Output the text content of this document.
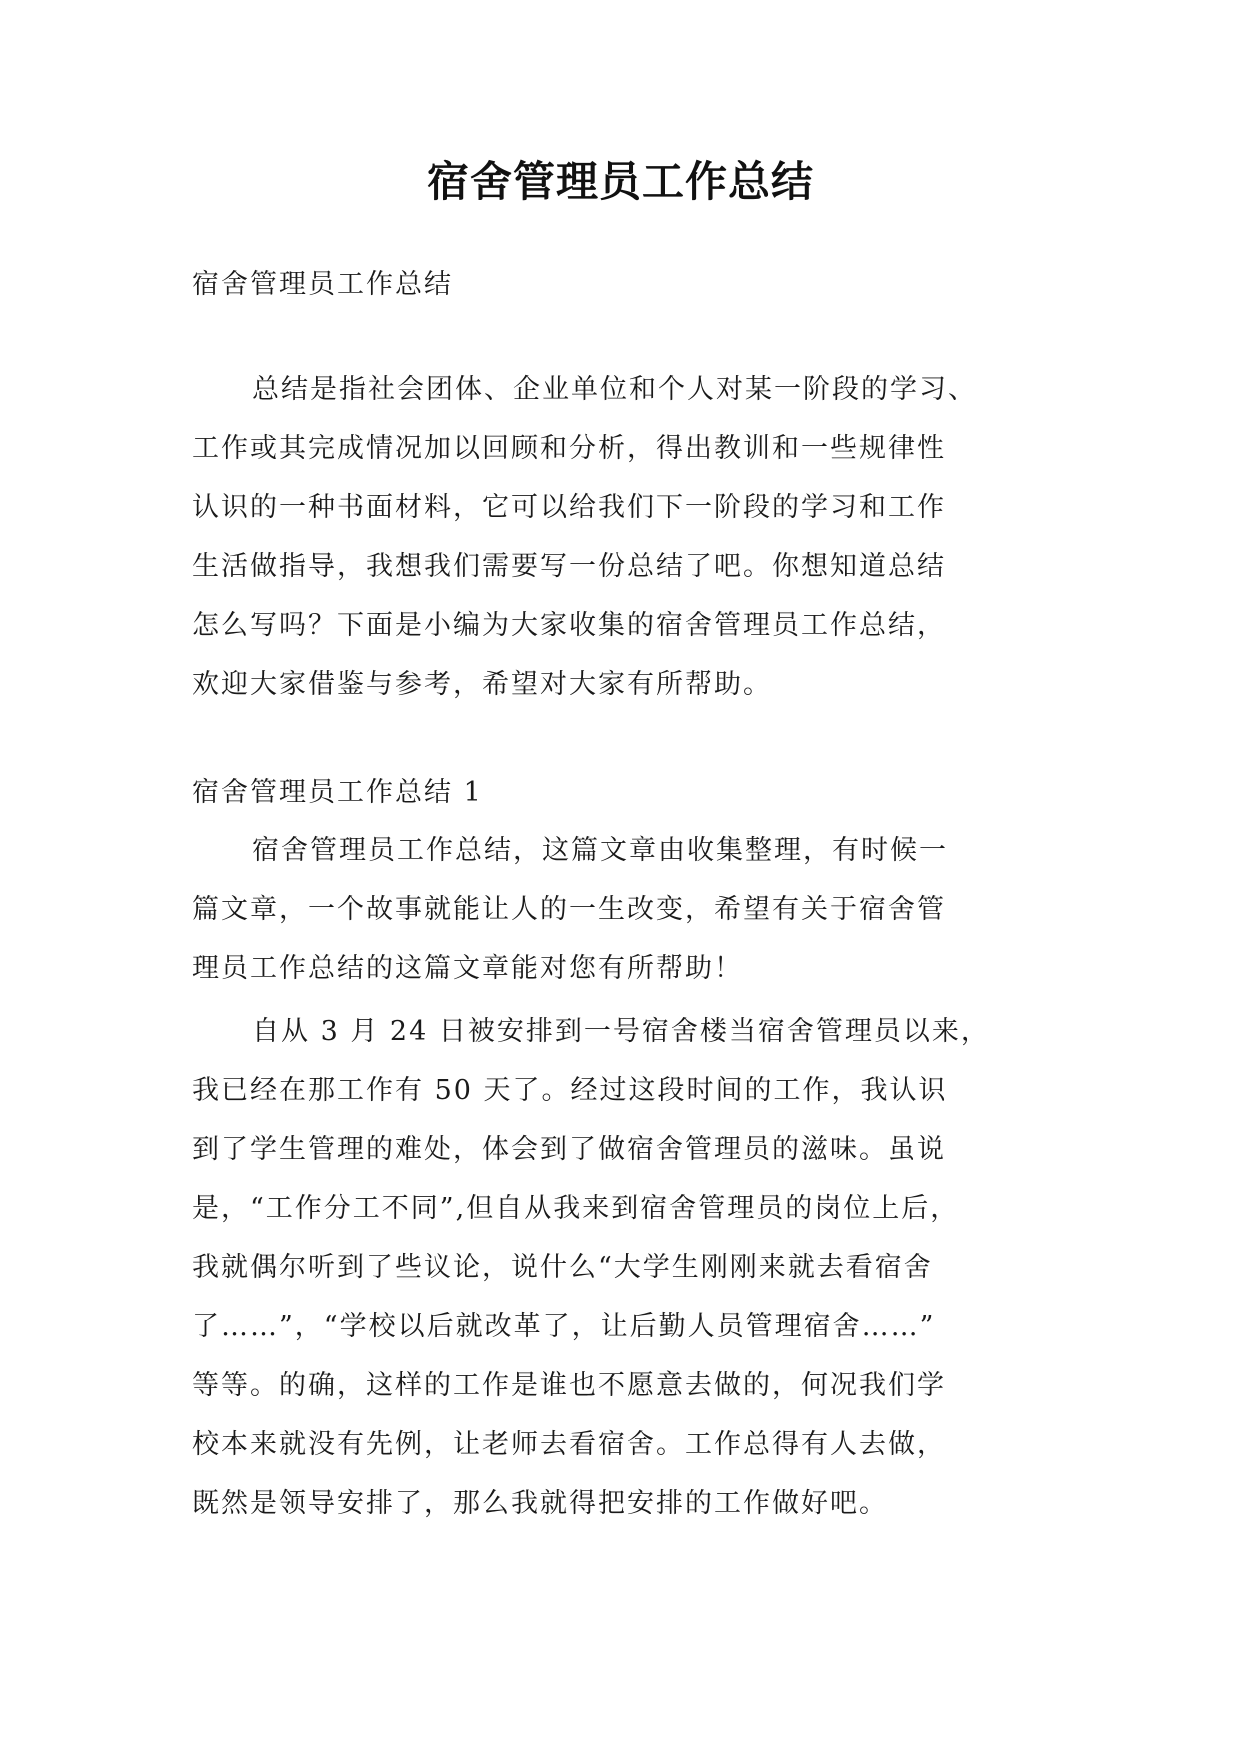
宿舍管理员工作总结
宿舍管理员工作总结
总结是指社会团体、企业单位和个人对某一阶段的学习、
工作或其完成情况加以回顾和分析，得出教训和一些规律性
认识的一种书面材料，它可以给我们下一阶段的学习和工作
生活做指导，我想我们需要写一份总结了吧。你想知道总结
怎么写吗？下面是小编为大家收集的宿舍管理员工作总结，
欢迎大家借鉴与参考，希望对大家有所帮助。
宿舍管理员工作总结 1
宿舍管理员工作总结，这篇文章由收集整理，有时候一
篇文章，一个故事就能让人的一生改变，希望有关于宿舍管
理员工作总结的这篇文章能对您有所帮助！
自从 3 月 24 日被安排到一号宿舍楼当宿舍管理员以来，
我已经在那工作有 50 天了。经过这段时间的工作，我认识
到了学生管理的难处，体会到了做宿舍管理员的滋味。虽说
是，“工作分工不同”,但自从我来到宿舍管理员的岗位上后，
我就偶尔听到了些议论，说什么“大学生刚刚来就去看宿舍
了……”，“学校以后就改革了，让后勤人员管理宿舍……”
等等。的确，这样的工作是谁也不愿意去做的，何况我们学
校本来就没有先例，让老师去看宿舍。工作总得有人去做，
既然是领导安排了，那么我就得把安排的工作做好吧。
